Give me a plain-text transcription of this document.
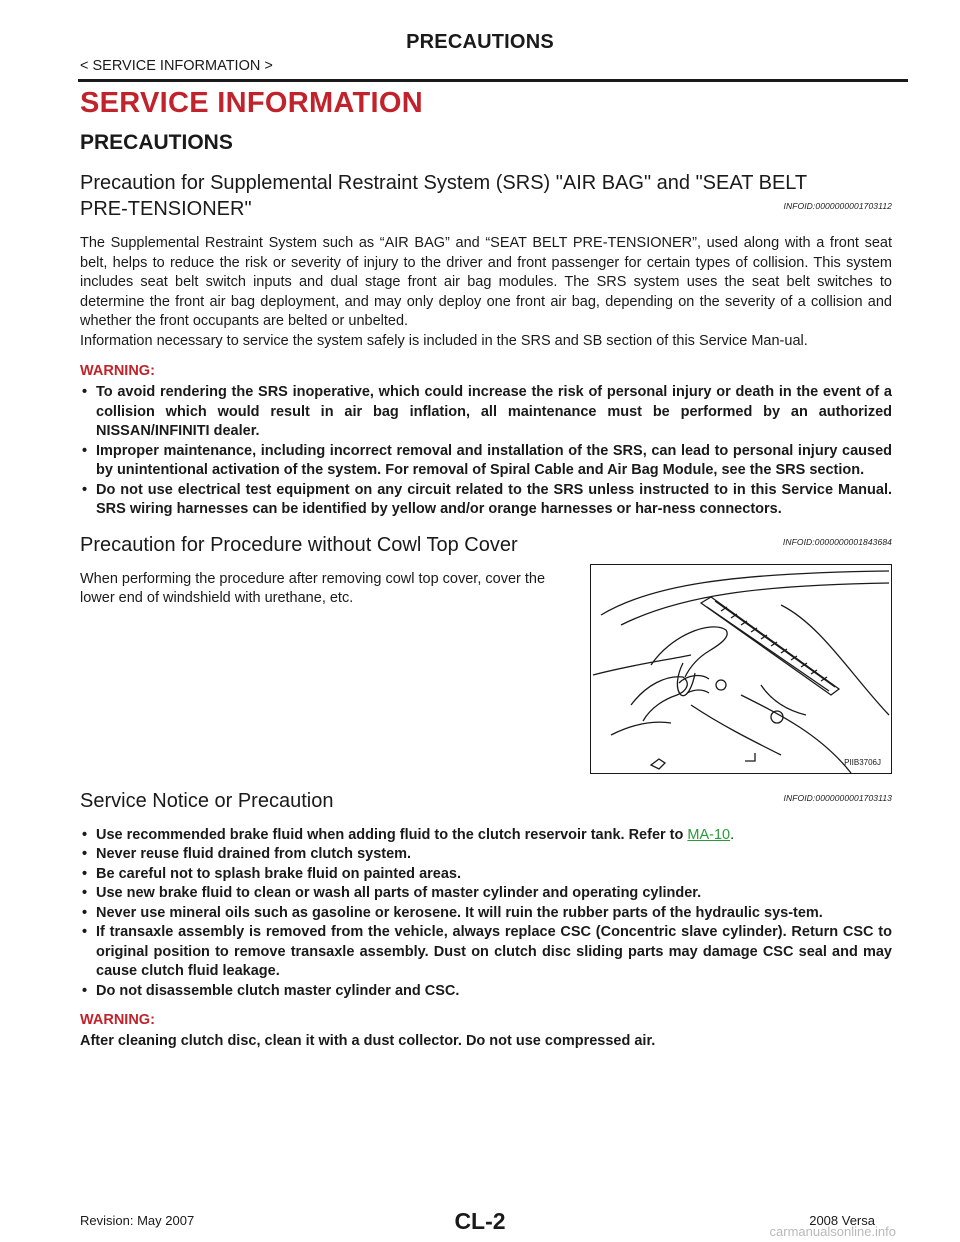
PRECAUTIONS
< SERVICE INFORMATION >
SERVICE INFORMATION
PRECAUTIONS
Precaution for Supplemental Restraint System (SRS) "AIR BAG" and "SEAT BELT PRE-TENSIONER"	INFOID:0000000001703112

The Supplemental Restraint System such as “AIR BAG” and “SEAT BELT PRE-TENSIONER”, used along with a front seat belt, helps to reduce the risk or severity of injury to the driver and front passenger for certain types of collision. This system includes seat belt switch inputs and dual stage front air bag modules. The SRS system uses the seat belt switches to determine the front air bag deployment, and may only deploy one front air bag, depending on the severity of a collision and whether the front occupants are belted or unbelted.

Information necessary to service the system safely is included in the SRS and SB section of this Service Man-ual.

WARNING:
• To avoid rendering the SRS inoperative, which could increase the risk of personal injury or death in the event of a collision which would result in air bag inflation, all maintenance must be performed by an authorized NISSAN/INFINITI dealer.
• Improper maintenance, including incorrect removal and installation of the SRS, can lead to personal injury caused by unintentional activation of the system. For removal of Spiral Cable and Air Bag Module, see the SRS section.
• Do not use electrical test equipment on any circuit related to the SRS unless instructed to in this Service Manual. SRS wiring harnesses can be identified by yellow and/or orange harnesses or har-ness connectors.
Precaution for Procedure without Cowl Top Cover	INFOID:0000000001843684

When performing the procedure after removing cowl top cover, cover the lower end of windshield with urethane, etc.

PIIB3706J
Service Notice or Precaution	INFOID:0000000001703113
• Use recommended brake fluid when adding fluid to the clutch reservoir tank. Refer to MA-10.
• Never reuse fluid drained from clutch system.
• Be careful not to splash brake fluid on painted areas.
• Use new brake fluid to clean or wash all parts of master cylinder and operating cylinder.
• Never use mineral oils such as gasoline or kerosene. It will ruin the rubber parts of the hydraulic sys-tem.
• If transaxle assembly is removed from the vehicle, always replace CSC (Concentric slave cylinder). Return CSC to original position to remove transaxle assembly. Dust on clutch disc sliding parts may damage CSC seal and may cause clutch fluid leakage.
• Do not disassemble clutch master cylinder and CSC.
WARNING:
After cleaning clutch disc, clean it with a dust collector. Do not use compressed air.
CL-2
Revision: May 2007	2008 Versa
carmanualsonline.info
